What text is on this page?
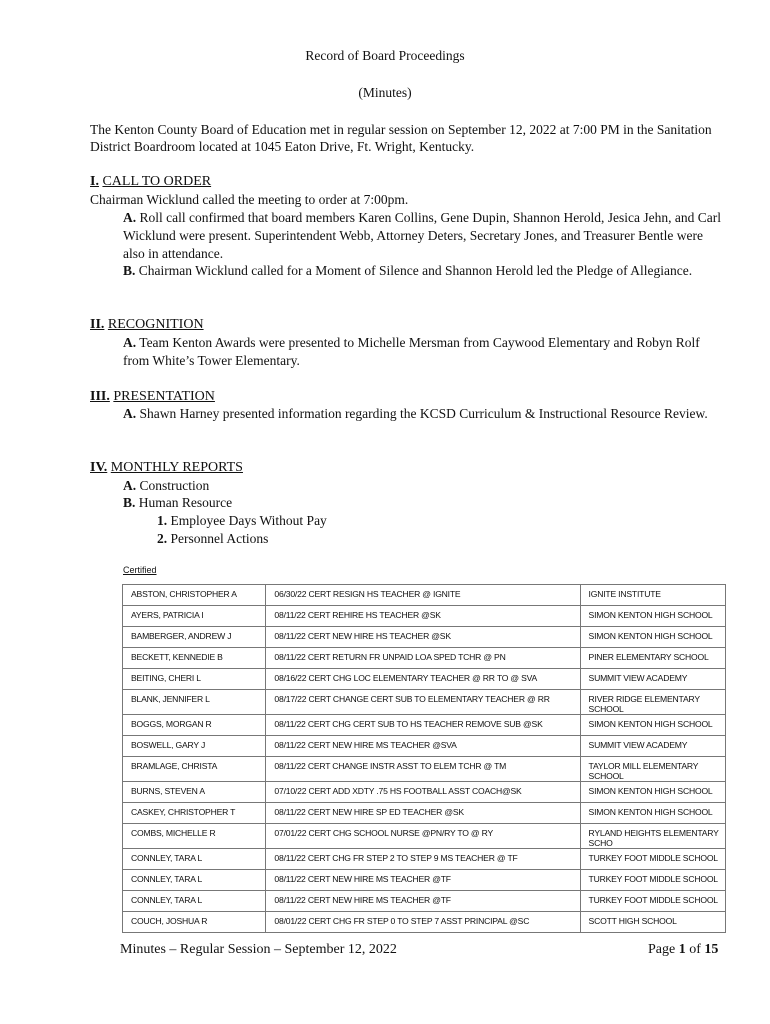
Record of Board Proceedings
(Minutes)
The Kenton County Board of Education met in regular session on September 12, 2022 at 7:00 PM in the Sanitation District Boardroom located at 1045 Eaton Drive, Ft. Wright, Kentucky.
I. CALL TO ORDER
Chairman Wicklund called the meeting to order at 7:00pm.
A. Roll call confirmed that board members Karen Collins, Gene Dupin, Shannon Herold, Jesica Jehn, and Carl Wicklund were present. Superintendent Webb, Attorney Deters, Secretary Jones, and Treasurer Bentle were also in attendance.
B. Chairman Wicklund called for a Moment of Silence and Shannon Herold led the Pledge of Allegiance.
II. RECOGNITION
A. Team Kenton Awards were presented to Michelle Mersman from Caywood Elementary and Robyn Rolf from White’s Tower Elementary.
III. PRESENTATION
A. Shawn Harney presented information regarding the KCSD Curriculum & Instructional Resource Review.
IV. MONTHLY REPORTS
A. Construction
B. Human Resource
1. Employee Days Without Pay
2. Personnel Actions
Certified
ABSTON, CHRISTOPHER A	06/30/22 CERT RESIGN HS TEACHER @ IGNITE	IGNITE INSTITUTE
AYERS, PATRICIA I	08/11/22 CERT REHIRE HS TEACHER @SK	SIMON KENTON HIGH SCHOOL
BAMBERGER, ANDREW J	08/11/22 CERT NEW HIRE HS TEACHER @SK	SIMON KENTON HIGH SCHOOL
BECKETT, KENNEDIE B	08/11/22 CERT RETURN FR UNPAID LOA SPED TCHR @ PN	PINER ELEMENTARY SCHOOL
BEITING, CHERI L	08/16/22 CERT CHG LOC ELEMENTARY TEACHER @ RR TO @ SVA	SUMMIT VIEW ACADEMY
BLANK, JENNIFER L	08/17/22 CERT CHANGE CERT SUB TO ELEMENTARY TEACHER @ RR	RIVER RIDGE ELEMENTARY SCHOOL
BOGGS, MORGAN R	08/11/22 CERT CHG CERT SUB TO HS TEACHER REMOVE SUB @SK	SIMON KENTON HIGH SCHOOL
BOSWELL, GARY J	08/11/22 CERT NEW HIRE MS TEACHER @SVA	SUMMIT VIEW ACADEMY
BRAMLAGE, CHRISTA	08/11/22 CERT CHANGE INSTR ASST TO ELEM TCHR @ TM	TAYLOR MILL ELEMENTARY SCHOOL
BURNS, STEVEN A	07/10/22 CERT ADD XDTY .75 HS FOOTBALL ASST COACH@SK	SIMON KENTON HIGH SCHOOL
CASKEY, CHRISTOPHER T	08/11/22 CERT NEW HIRE SP ED TEACHER @SK	SIMON KENTON HIGH SCHOOL
COMBS, MICHELLE R	07/01/22 CERT CHG SCHOOL NURSE @PN/RY TO @ RY	RYLAND HEIGHTS ELEMENTARY SCHO
CONNLEY, TARA L	08/11/22 CERT CHG FR STEP 2 TO STEP 9 MS TEACHER @ TF	TURKEY FOOT MIDDLE SCHOOL
CONNLEY, TARA L	08/11/22 CERT NEW HIRE MS TEACHER @TF	TURKEY FOOT MIDDLE SCHOOL
CONNLEY, TARA L	08/11/22 CERT NEW HIRE MS TEACHER @TF	TURKEY FOOT MIDDLE SCHOOL
COUCH, JOSHUA R	08/01/22 CERT CHG FR STEP 0 TO STEP 7 ASST PRINCIPAL @SC	SCOTT HIGH SCHOOL
Minutes – Regular Session – September 12, 2022	Page 1 of 15
